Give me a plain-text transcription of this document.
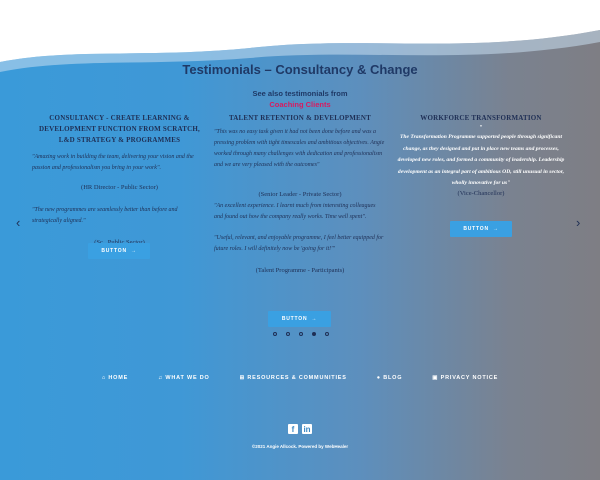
Testimonials – Consultancy & Change
See also testimonials from
Coaching Clients
‹	›
CONSULTANCY - CREATE LEARNING & DEVELOPMENT FUNCTION FROM SCRATCH, L&D STRATEGY & PROGRAMMES

"Amazing work in building the team, delivering your vision and the passion and professionalism you bring in your work".

(HR Director - Public Sector)

"The new programmes are seamlessly better than before and strategically aligned."

BUTTON →
TALENT RETENTION & DEVELOPMENT

"This was no easy task given it had not been done before and was a pressing problem with tight timescales and ambitious objectives. Angie worked through many challenges with dedication and professionalism and we are very pleased with the outcomes"

(Senior Leader - Private Sector)

"An excellent experience. I learnt much from interesting colleagues and found out how the company really works. Time well spent".

"Useful, relevant, and enjoyable programme, I feel better equipped for future roles. I will definitely now be 'going for it!'"

(Talent Programme - Participants)

BUTTON →
WORKFORCE TRANSFORMATION

"

The Transformation Programme supported people through significant change, as they designed and put in place new teams and processes, developed new roles, and formed a community of leadership. Leadership development as an integral part of ambitious OD, still unusual in sector, wholly innovative for us"

(Vice-Chancellor)

BUTTON →
⌂ HOME	♫ WHAT WE DO	⊞ RESOURCES & COMMUNITIES	● BLOG	▣ PRIVACY NOTICE
f	in
©2021 Angie Allcock. Powered by WebHealer
